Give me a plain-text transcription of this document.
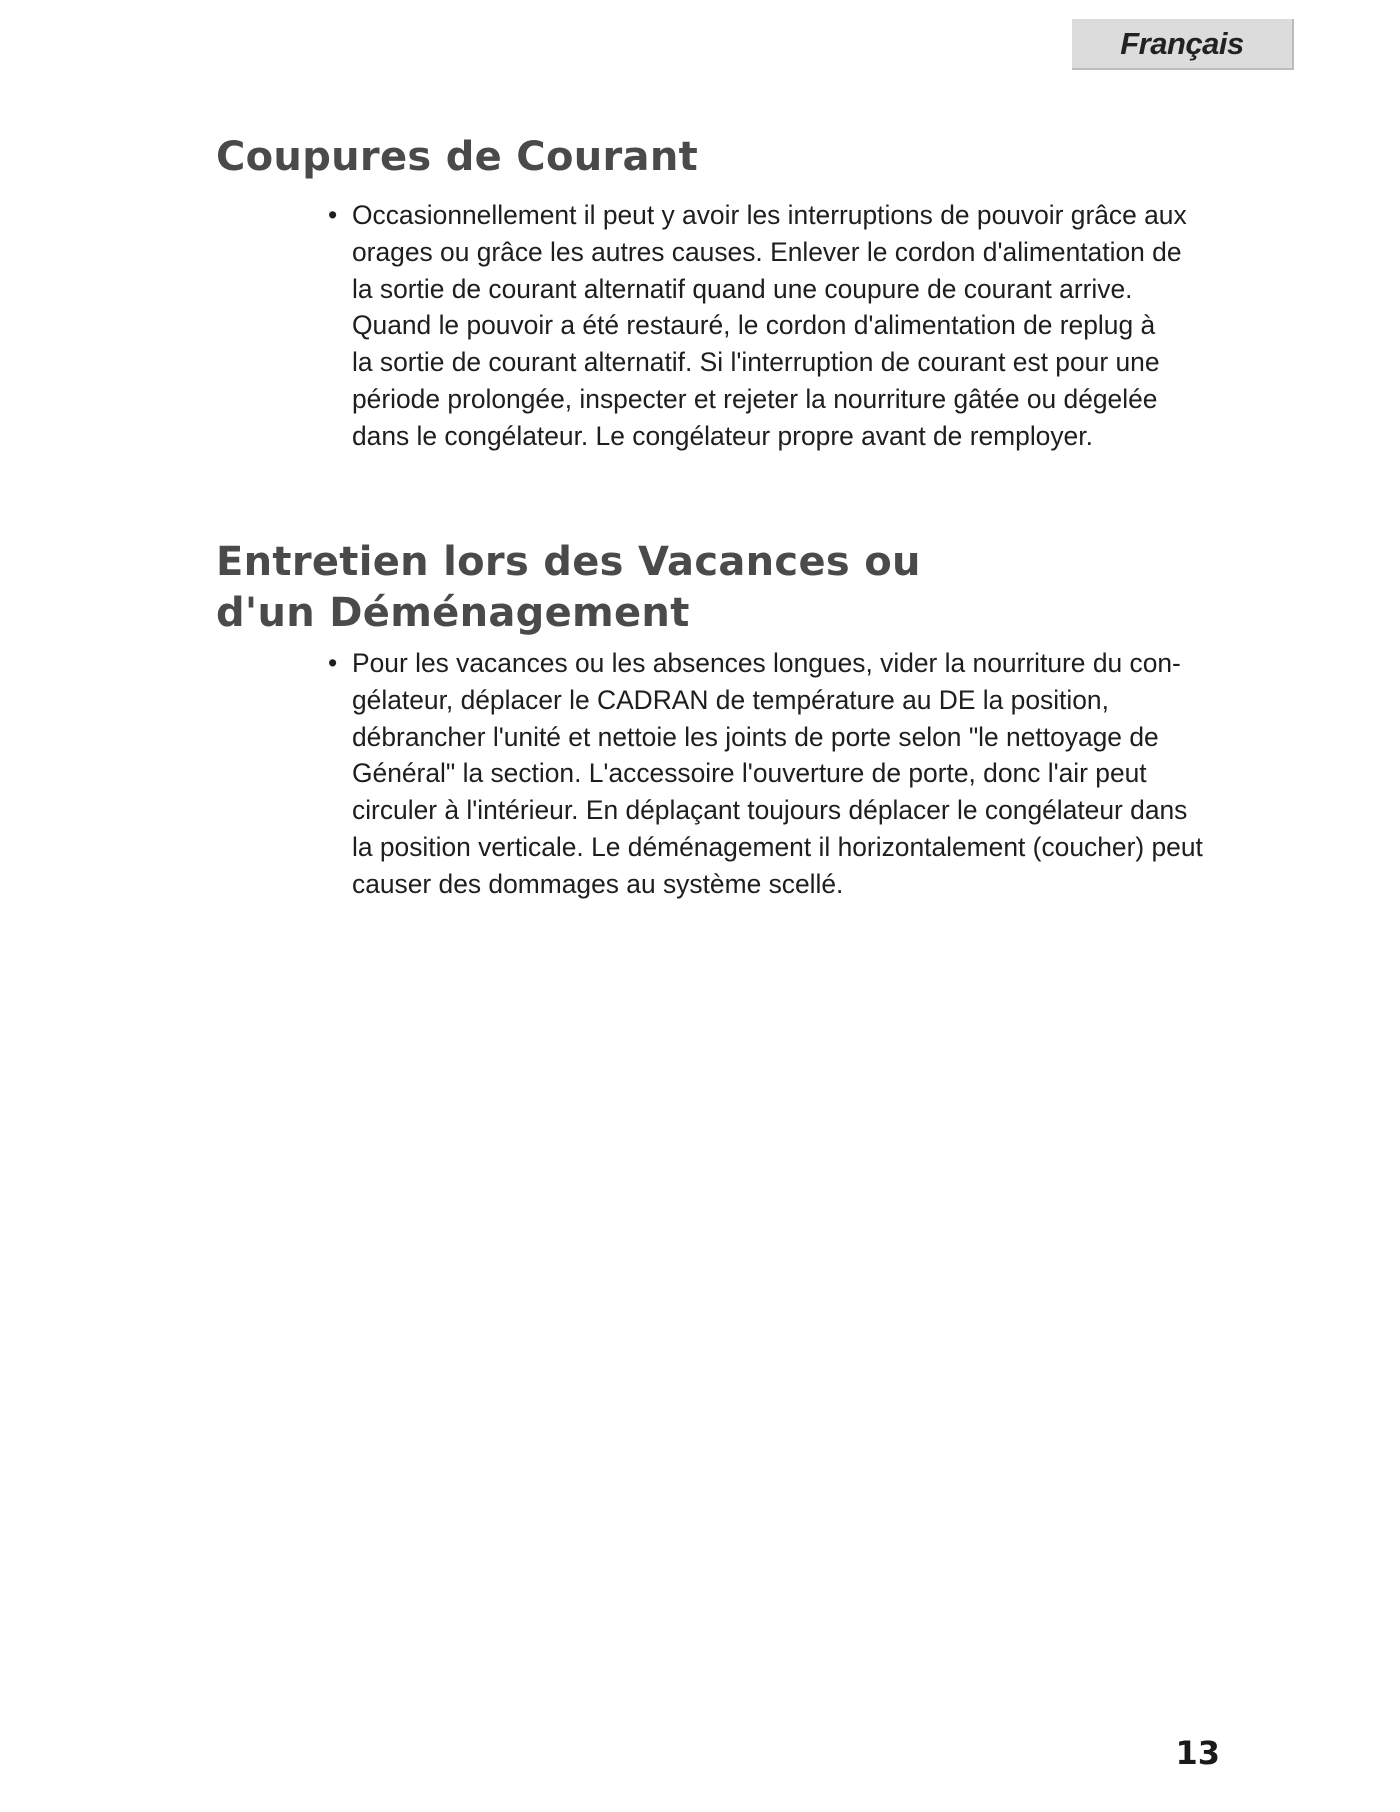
Français
Coupures de Courant
• Occasionnellement il peut y avoir les interruptions de pouvoir grâce aux
orages ou grâce les autres causes. Enlever le cordon d'alimentation de
la sortie de courant alternatif quand une coupure de courant arrive.
Quand le pouvoir a été restauré, le cordon d'alimentation de replug à
la sortie de courant alternatif. Si l'interruption de courant est pour une
période prolongée, inspecter et rejeter la nourriture gâtée ou dégelée
dans le congélateur. Le congélateur propre avant de remployer.
Entretien lors des Vacances ou
d'un Déménagement
• Pour les vacances ou les absences longues, vider la nourriture du con-
gélateur, déplacer le CADRAN de température au DE la position,
débrancher l'unité et nettoie les joints de porte selon "le nettoyage de
Général" la section. L'accessoire l'ouverture de porte, donc l'air peut
circuler à l'intérieur. En déplaçant toujours déplacer le congélateur dans
la position verticale. Le déménagement il horizontalement (coucher) peut
causer des dommages au système scellé.
13
